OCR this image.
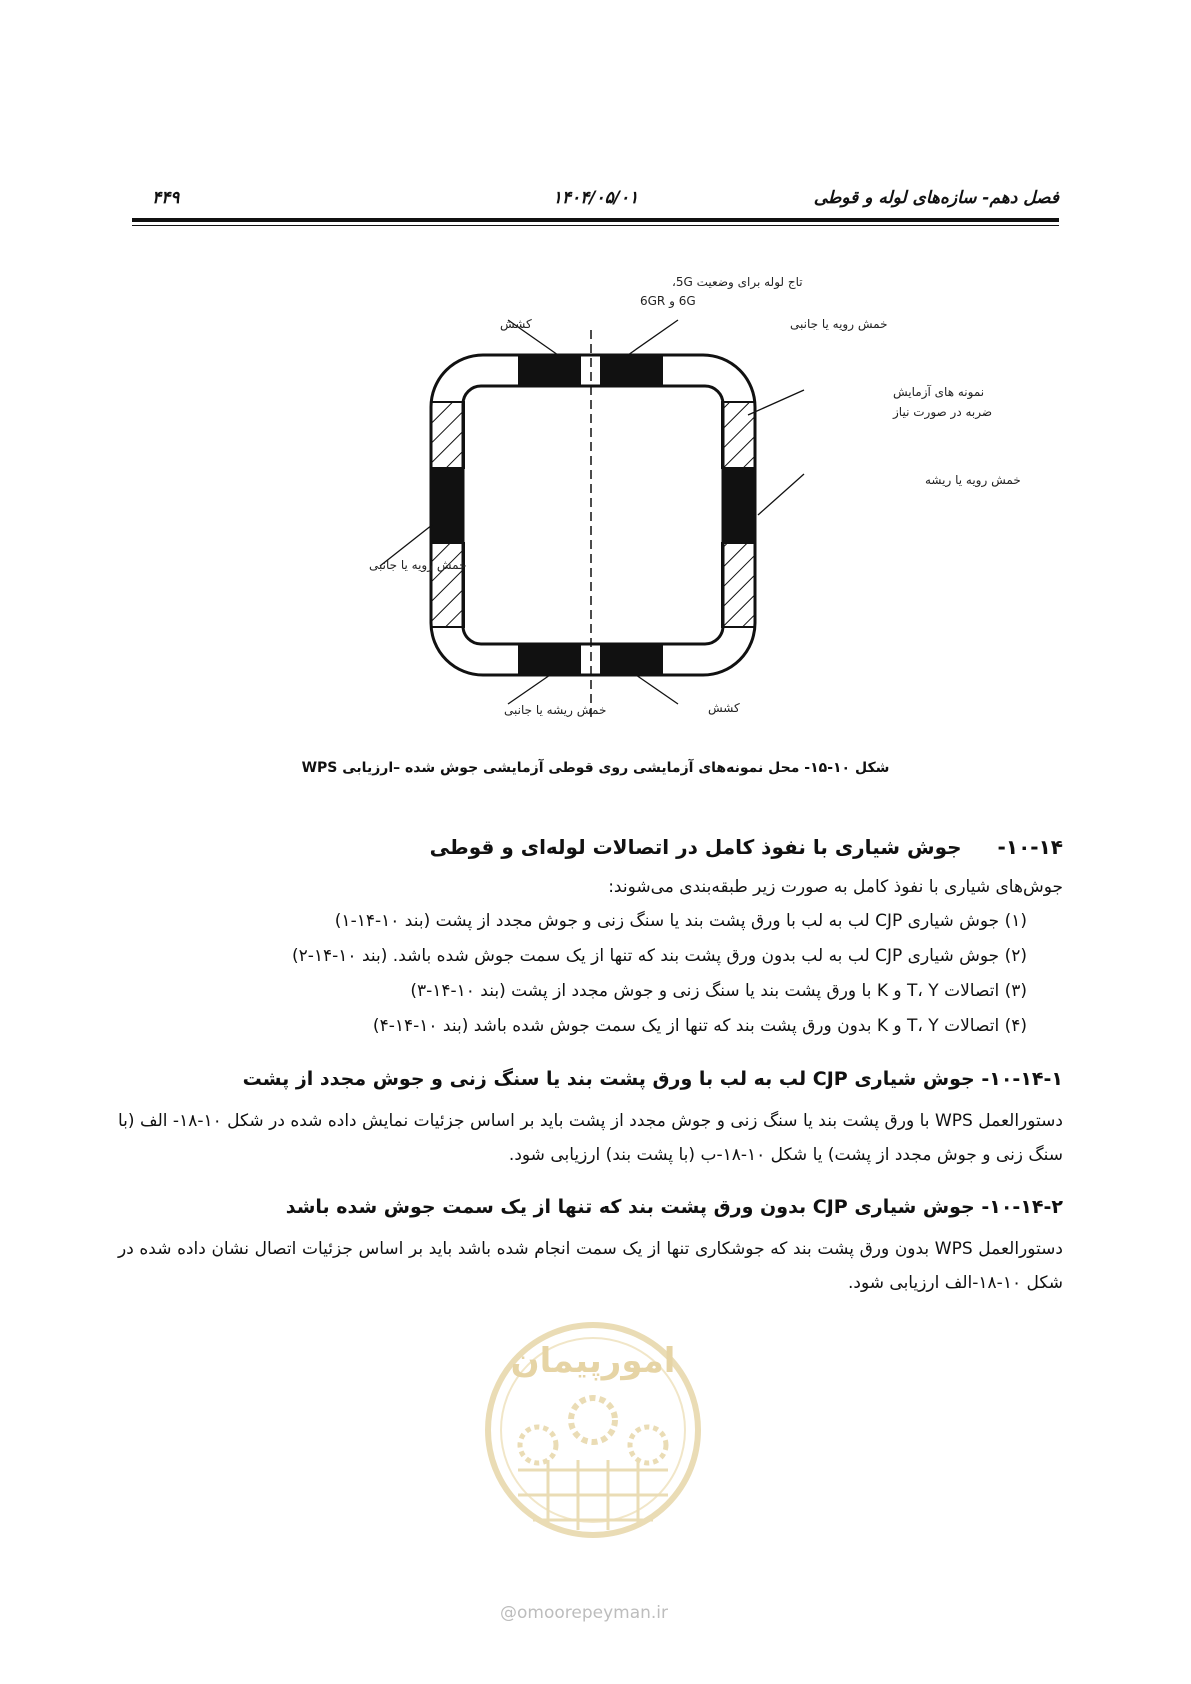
فصل دهم- سازه‌های لوله و قوطی
۱۴۰۴/۰۵/۰۱
۴۴۹
تاج لوله برای وضعیت 5G،
6G و 6GR
کشش	خمش رویه یا جانبی
نمونه های آزمایش
ضربه در صورت نیاز
خمش رویه یا ریشه
خمش رویه یا جانبی
خمش ریشه یا جانبی	کشش
شکل ۱۰-۱۵- محل نمونه‌های آزمایشی روی قوطی آزمایشی جوش شده –ارزیابی WPS
۱۰-۱۴-جوش شیاری با نفوذ کامل در اتصالات لوله‌ای و قوطی

جوش‌های شیاری با نفوذ کامل به صورت زیر طبقه‌بندی می‌شوند:

(۱) جوش شیاری CJP لب به لب با ورق پشت بند یا سنگ زنی و جوش مجدد از پشت (بند ۱۰-۱۴-۱)
(۲) جوش شیاری CJP لب به لب بدون ورق پشت بند که تنها از یک سمت جوش شده باشد. (بند ۱۰-۱۴-۲)
(۳) اتصالات T، Y و K با ورق پشت بند یا سنگ زنی و جوش مجدد از پشت (بند ۱۰-۱۴-۳)
(۴) اتصالات T، Y و K بدون ورق پشت بند که تنها از یک سمت جوش شده باشد (بند ۱۰-۱۴-۴)
۱۰-۱۴-۱- جوش شیاری CJP لب به لب با ورق پشت بند یا سنگ زنی و جوش مجدد از پشت

دستورالعمل WPS با ورق پشت بند یا سنگ زنی و جوش مجدد از پشت باید بر اساس جزئیات نمایش داده شده در شکل ۱۰-۱۸- الف (با سنگ زنی و جوش مجدد از پشت) یا شکل ۱۰-۱۸-ب (با پشت بند) ارزیابی شود.

۱۰-۱۴-۲- جوش شیاری CJP بدون ورق پشت بند که تنها از یک سمت جوش شده باشد

دستورالعمل WPS بدون ورق پشت بند که جوشکاری تنها از یک سمت انجام شده باشد باید بر اساس جزئیات اتصال نشان داده شده در شکل ۱۰-۱۸-الف ارزیابی شود.

امورپیمان
@omoorepeyman.ir
